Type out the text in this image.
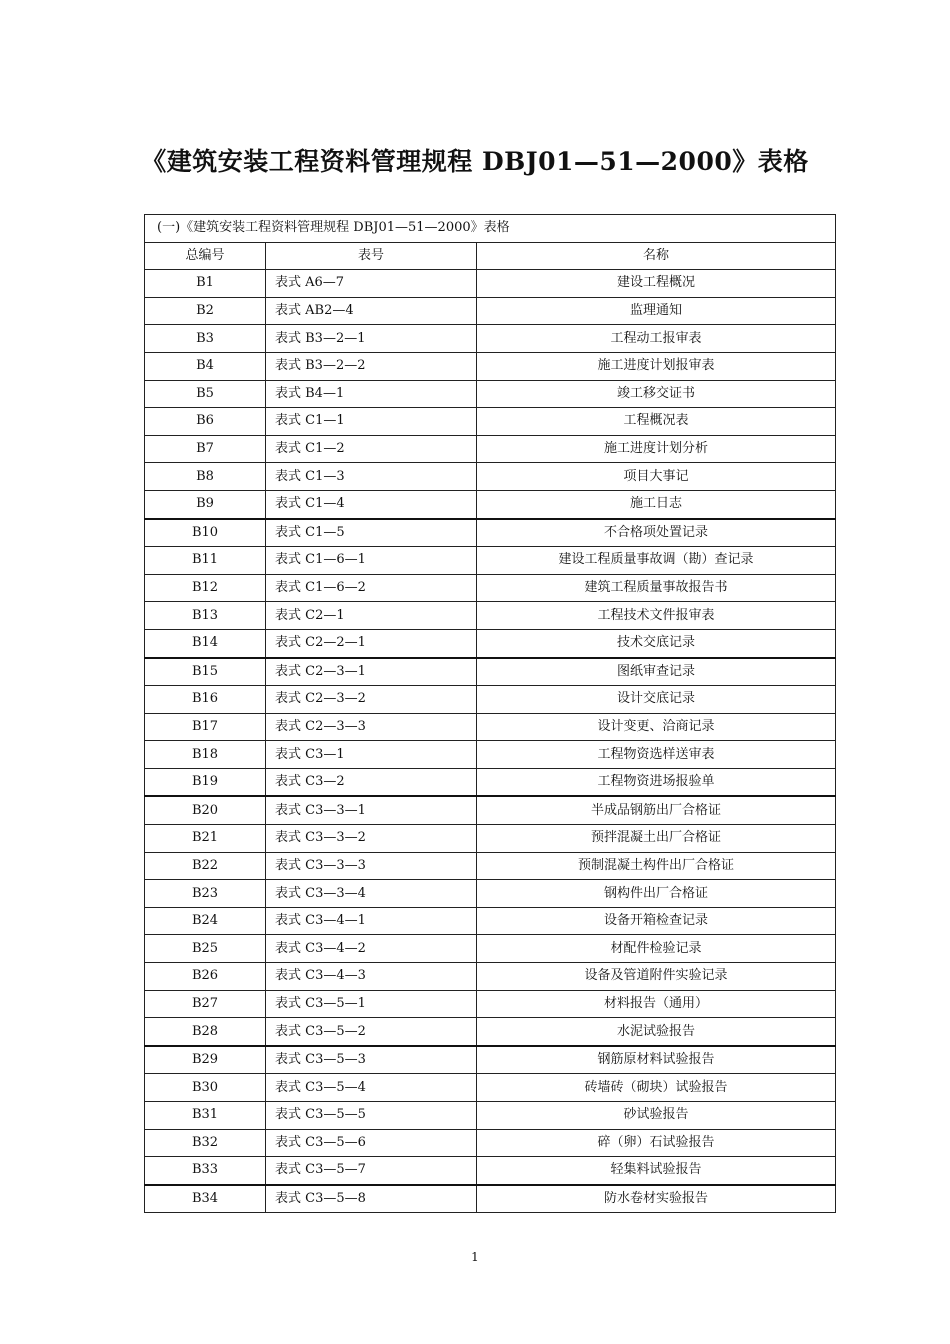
《建筑安装工程资料管理规程 DBJ01—51—2000》表格
(一)《建筑安装工程资料管理规程 DBJ01—51—2000》表格		
总编号	表号	名称
B1	表式 A6—7	建设工程概况
B2	表式 AB2—4	监理通知
B3	表式 B3—2—1	工程动工报审表
B4	表式 B3—2—2	施工进度计划报审表
B5	表式 B4—1	竣工移交证书
B6	表式 C1—1	工程概况表
B7	表式 C1—2	施工进度计划分析
B8	表式 C1—3	项目大事记
B9	表式 C1—4	施工日志
B10	表式 C1—5	不合格项处置记录
B11	表式 C1—6—1	建设工程质量事故调（勘）查记录
B12	表式 C1—6—2	建筑工程质量事故报告书
B13	表式 C2—1	工程技术文件报审表
B14	表式 C2—2—1	技术交底记录
B15	表式 C2—3—1	图纸审查记录
B16	表式 C2—3—2	设计交底记录
B17	表式 C2—3—3	设计变更、洽商记录
B18	表式 C3—1	工程物资选样送审表
B19	表式 C3—2	工程物资进场报验单
B20	表式 C3—3—1	半成品钢筋出厂合格证
B21	表式 C3—3—2	预拌混凝土出厂合格证
B22	表式 C3—3—3	预制混凝土构件出厂合格证
B23	表式 C3—3—4	钢构件出厂合格证
B24	表式 C3—4—1	设备开箱检查记录
B25	表式 C3—4—2	材配件检验记录
B26	表式 C3—4—3	设备及管道附件实验记录
B27	表式 C3—5—1	材料报告（通用）
B28	表式 C3—5—2	水泥试验报告
B29	表式 C3—5—3	钢筋原材料试验报告
B30	表式 C3—5—4	砖墙砖（砌块）试验报告
B31	表式 C3—5—5	砂试验报告
B32	表式 C3—5—6	碎（卵）石试验报告
B33	表式 C3—5—7	轻集料试验报告
B34	表式 C3—5—8	防水卷材实验报告
1
